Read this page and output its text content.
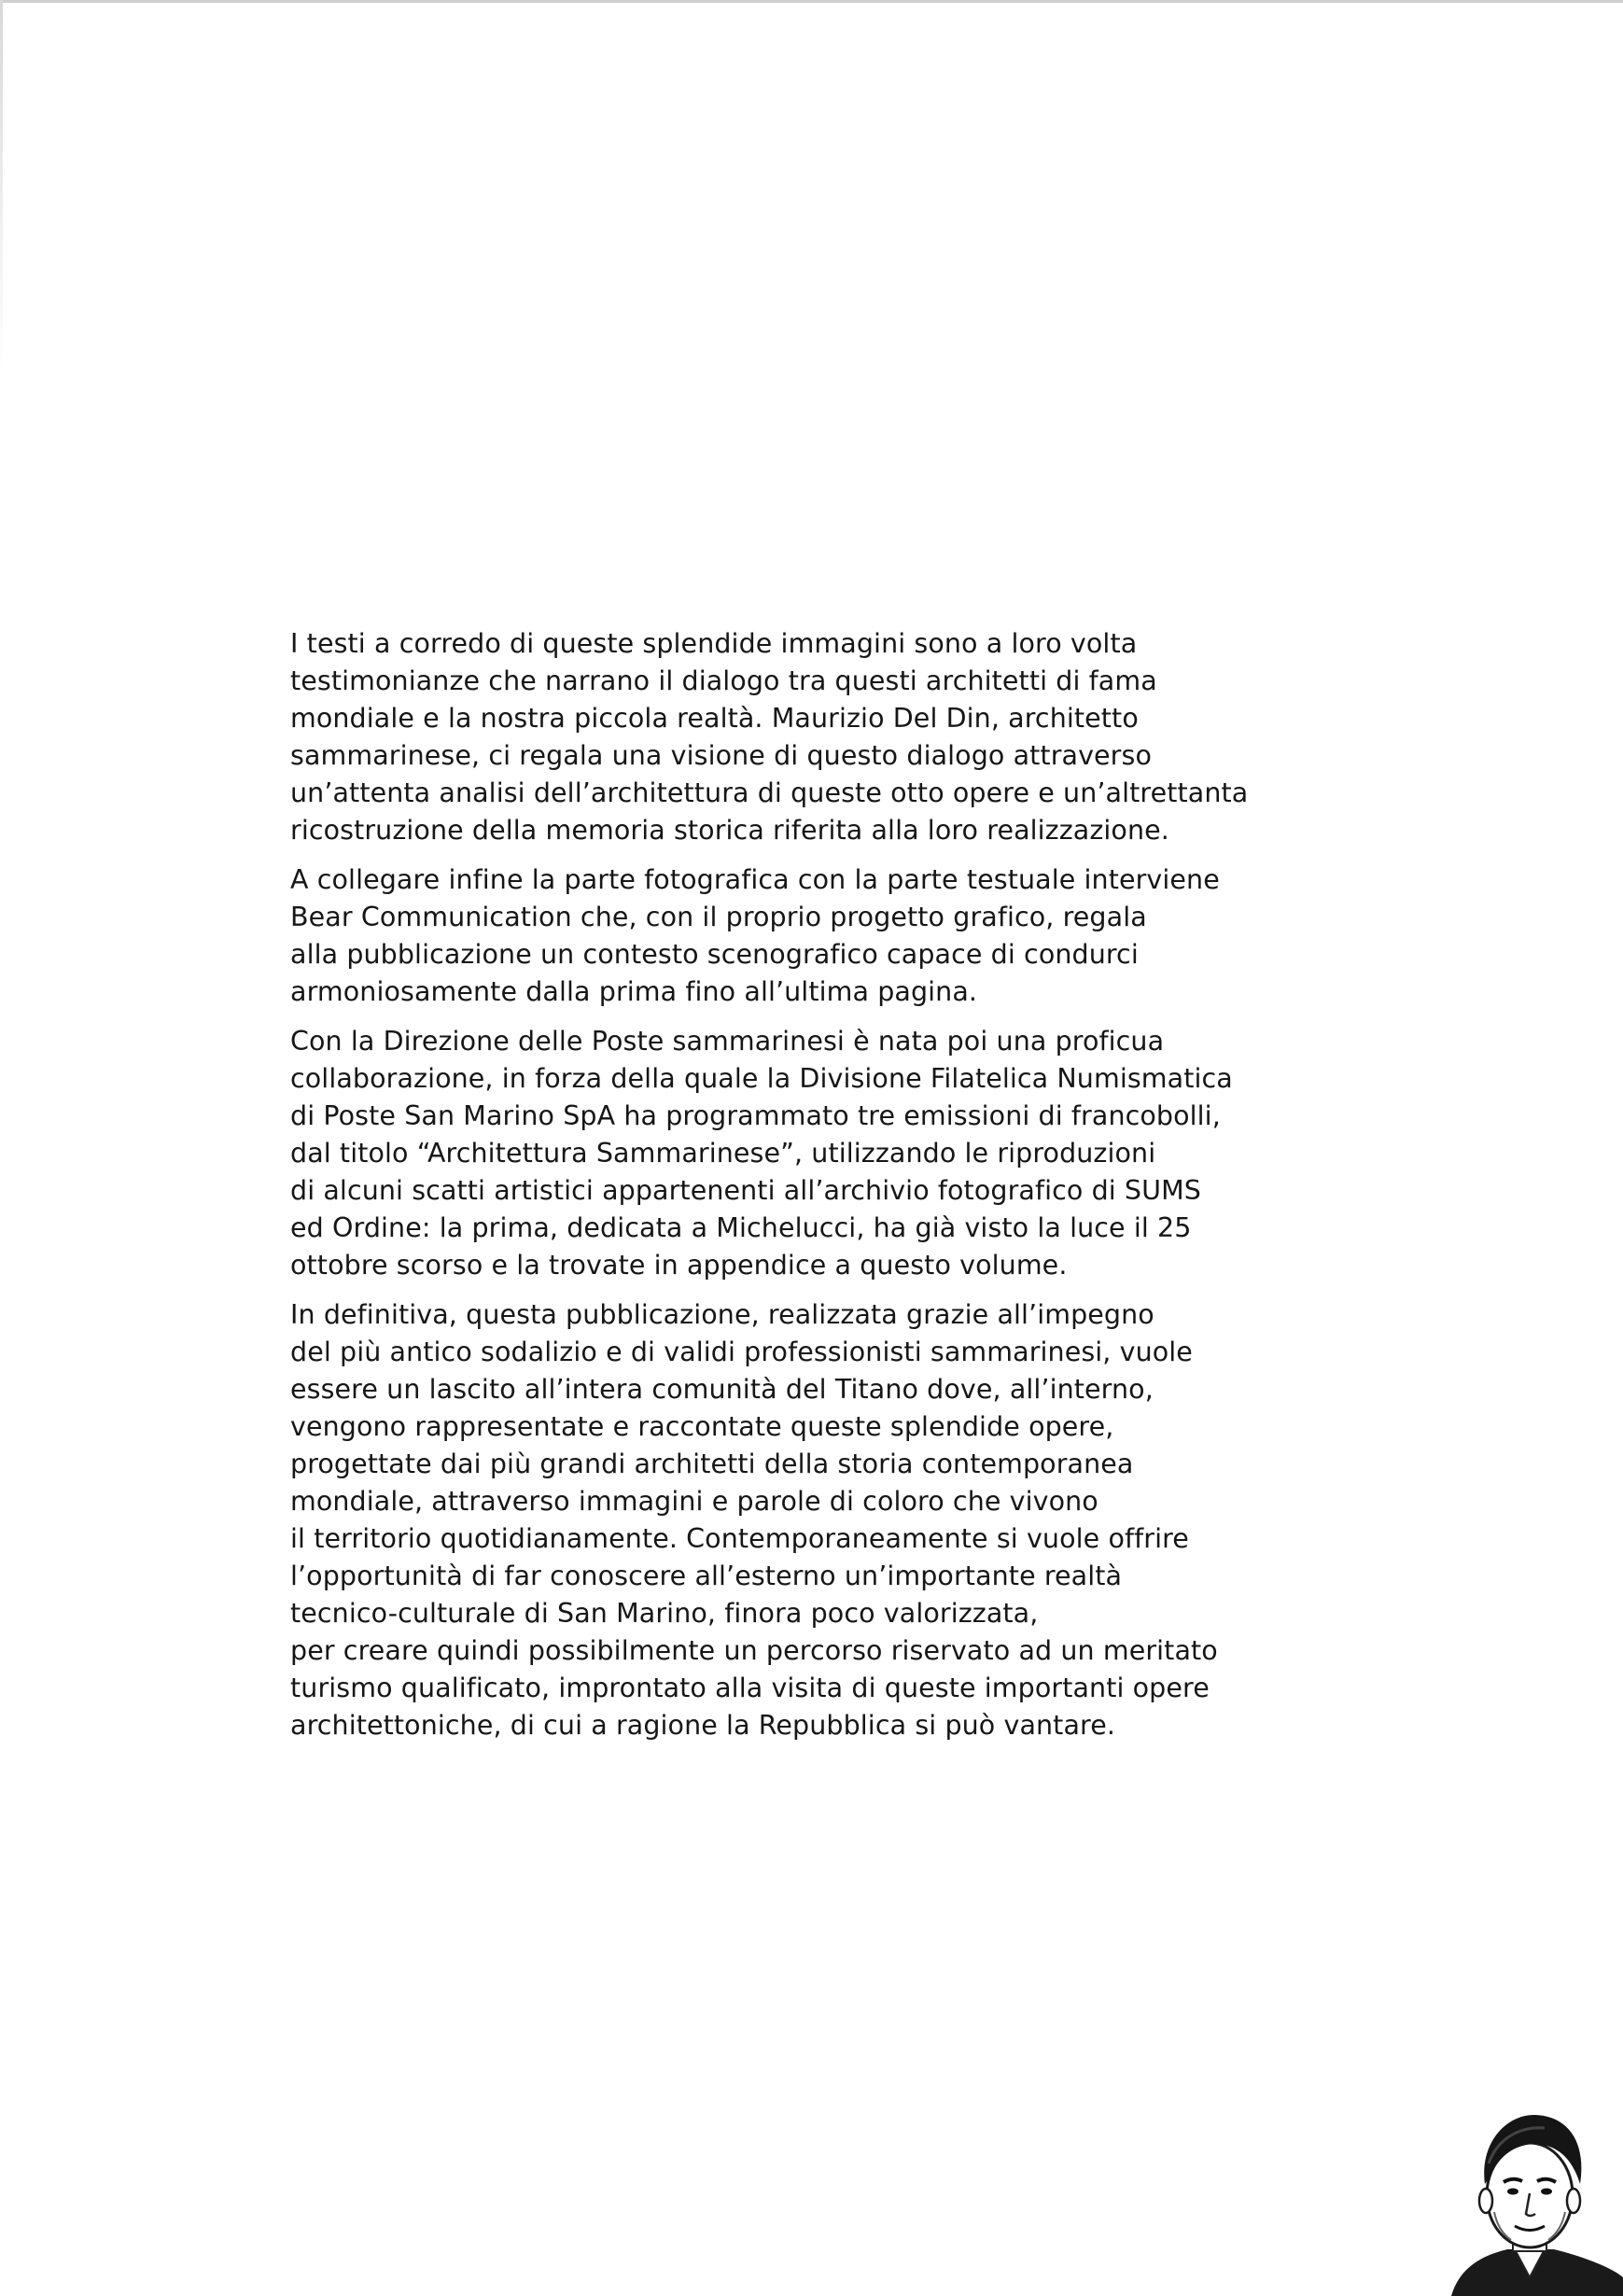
I testi a corredo di queste splendide immagini sono a loro volta
testimonianze che narrano il dialogo tra questi architetti di fama
mondiale e la nostra piccola realtà. Maurizio Del Din, architetto
sammarinese, ci regala una visione di questo dialogo attraverso
un’attenta analisi dell’architettura di queste otto opere e un’altrettanta
ricostruzione della memoria storica riferita alla loro realizzazione.

A collegare infine la parte fotografica con la parte testuale interviene
Bear Communication che, con il proprio progetto grafico, regala
alla pubblicazione un contesto scenografico capace di condurci
armoniosamente dalla prima fino all’ultima pagina.

Con la Direzione delle Poste sammarinesi è nata poi una proficua
collaborazione, in forza della quale la Divisione Filatelica Numismatica
di Poste San Marino SpA ha programmato tre emissioni di francobolli,
dal titolo “Architettura Sammarinese”, utilizzando le riproduzioni
di alcuni scatti artistici appartenenti all’archivio fotografico di SUMS
ed Ordine: la prima, dedicata a Michelucci, ha già visto la luce il 25
ottobre scorso e la trovate in appendice a questo volume.

In definitiva, questa pubblicazione, realizzata grazie all’impegno
del più antico sodalizio e di validi professionisti sammarinesi, vuole
essere un lascito all’intera comunità del Titano dove, all’interno,
vengono rappresentate e raccontate queste splendide opere,
progettate dai più grandi architetti della storia contemporanea
mondiale, attraverso immagini e parole di coloro che vivono
il territorio quotidianamente. Contemporaneamente si vuole offrire
l’opportunità di far conoscere all’esterno un’importante realtà
tecnico-culturale di San Marino, finora poco valorizzata,
per creare quindi possibilmente un percorso riservato ad un meritato
turismo qualificato, improntato alla visita di queste importanti opere
architettoniche, di cui a ragione la Repubblica si può vantare.
